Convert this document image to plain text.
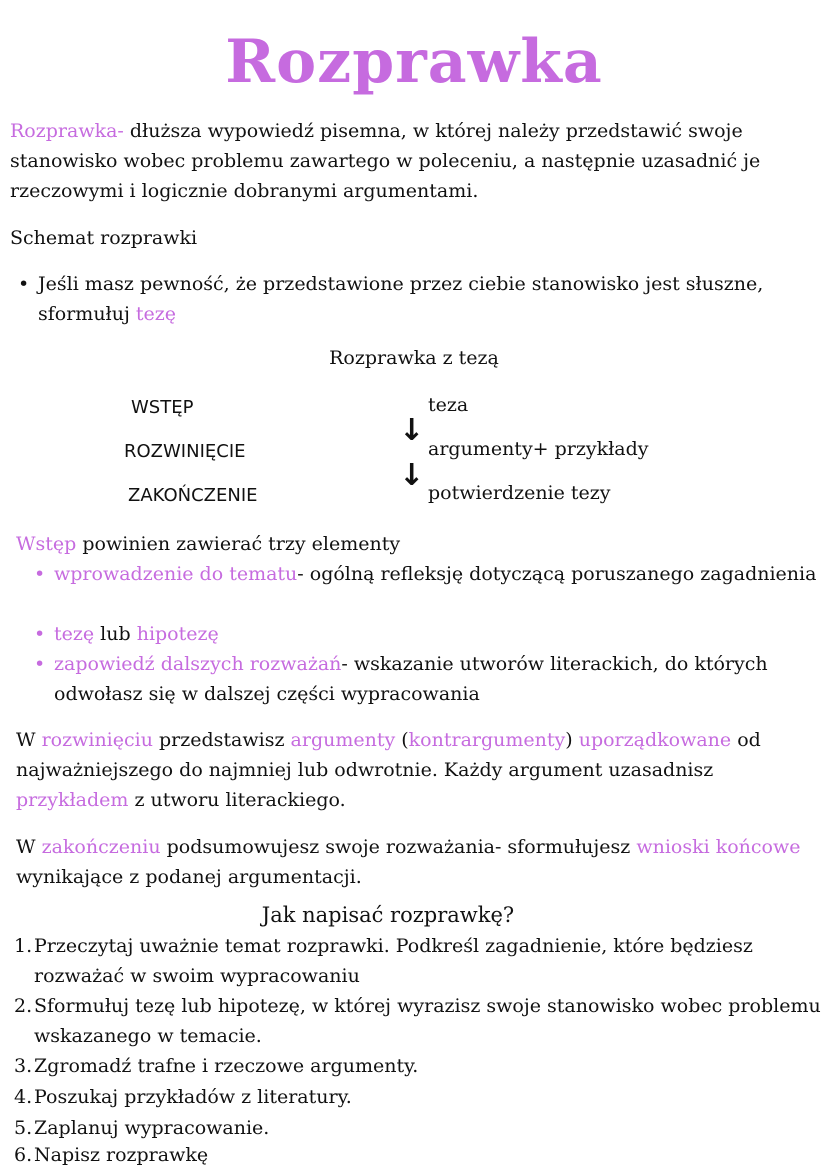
Rozprawka
Rozprawka- dłuższa wypowiedź pisemna, w której należy przedstawić swoje stanowisko wobec problemu zawartego w poleceniu, a następnie uzasadnić je rzeczowymi i logicznie dobranymi argumentami.
Schemat rozprawki
• Jeśli masz pewność, że przedstawione przez ciebie stanowisko jest słuszne, sformułuj tezę
Rozprawka z tezą
WSTĘP
ROZWINIĘCIE
ZAKOŃCZENIE
↓
↓
teza
argumenty+ przykłady
potwierdzenie tezy
Wstęp powinien zawierać trzy elementy
• wprowadzenie do tematu- ogólną refleksję dotyczącą poruszanego zagadnienia
• tezę lub hipotezę
• zapowiedź dalszych rozważań- wskazanie utworów literackich, do których odwołasz się w dalszej części wypracowania
W rozwinięciu przedstawisz argumenty (kontrargumenty) uporządkowane od najważniejszego do najmniej lub odwrotnie. Każdy argument uzasadnisz przykładem z utworu literackiego.
W zakończeniu podsumowujesz swoje rozważania- sformułujesz wnioski końcowe wynikające z podanej argumentacji.
Jak napisać rozprawkę?
1. Przeczytaj uważnie temat rozprawki. Podkreśl zagadnienie, które będziesz rozważać w swoim wypracowaniu
2. Sformułuj tezę lub hipotezę, w której wyrazisz swoje stanowisko wobec problemu wskazanego w temacie.
3. Zgromadź trafne i rzeczowe argumenty.
4. Poszukaj przykładów z literatury.
5. Zaplanuj wypracowanie.
6. Napisz rozprawkę
